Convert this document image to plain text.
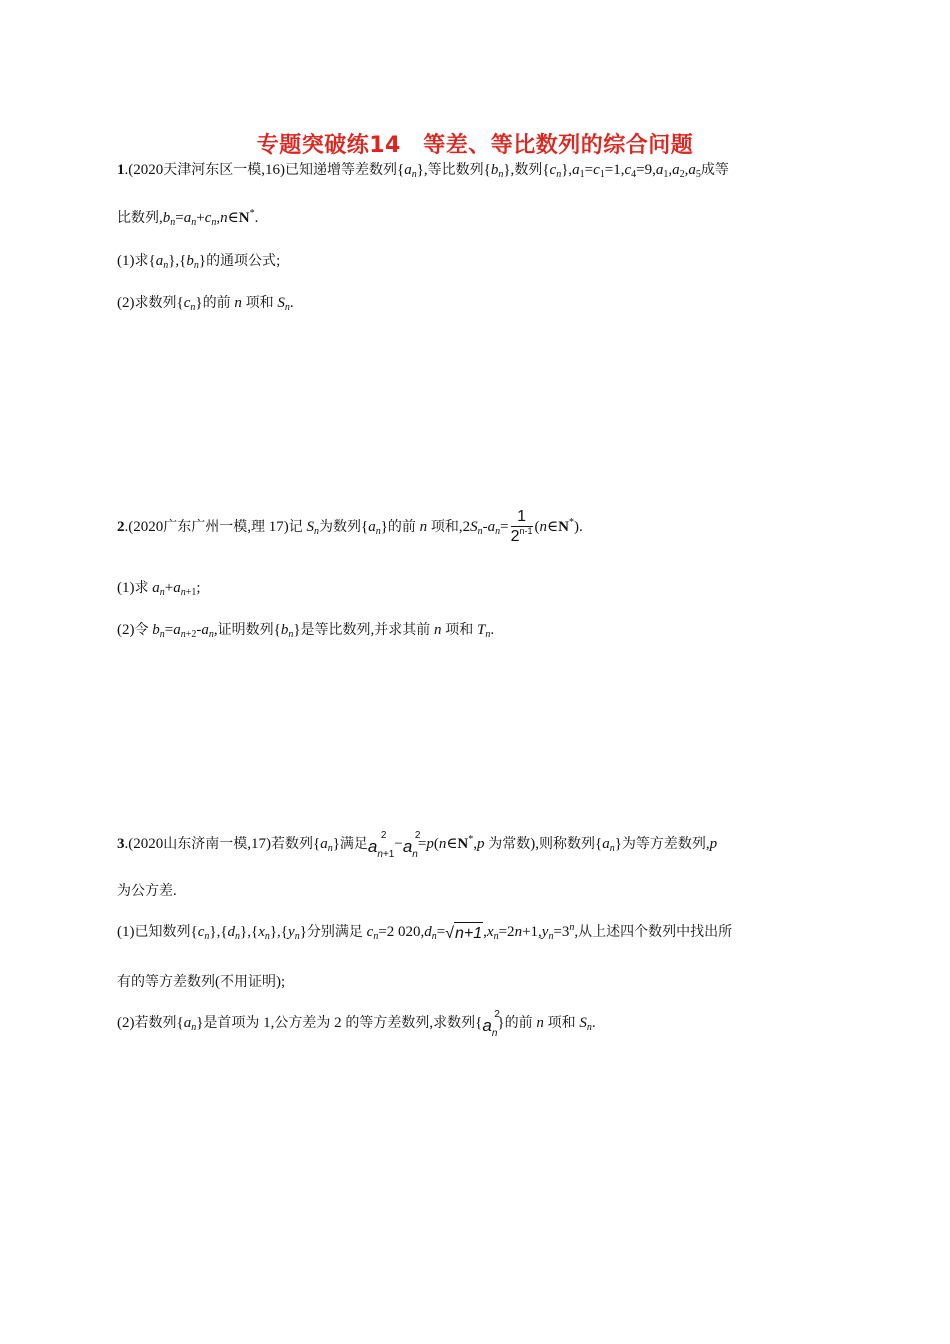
专题突破练14　等差、等比数列的综合问题
1.(2020天津河东区一模,16)已知递增等差数列$\{a_n\}$,等比数列$\{b_n\}$,数列$\{c_n\},a_1=c_1=1,c_4=9,a_1,a_2,a_5$成等
比数列$,b_n=a_n+c_n,n\in N^*$.
(1)求$\{a_n\},\{b_n\}$的通项公式;
(2)求数列$\{c_n\}$的前 n 项和 $S_n$.
2.(2020广东广州一模,理 17)记 $S_n$为数列$\{a_n\}$的前 n 项和$,2S_n-a_n= \frac{1}{2^{n-1}}$ (n∈N*).
(1)求 $a_n+a_{n+1}$;
(2)令 $b_n=a_{n+2}-a_n$,证明数列$\{b_n\}$是等比数列,并求其前 n 项和 $T_n$.
3.(2020山东济南一模,17)若数列$\{a_n\}$满足a
2
$_{n+1}$−a
2
$_n$=p(n∈N*,p 为常数),则称数列$\{a_n\}$为等方差数列,p
为公方差.
(1)已知数列$\{c_n\},\{d_n\},\{x_n\},\{y_n\}$分别满足 $c_n=2$ $020,d_n=√n+1,x_n=2n+1,y_n=3^n$,从上述四个数列中找出所
有的等方差数列(不用证明);
(2)若数列$\{a_n\}$是首项为 1,公方差为 2 的等方差数列,求数列{a
2
$_n$}的前 n 项和 $S_n$.
